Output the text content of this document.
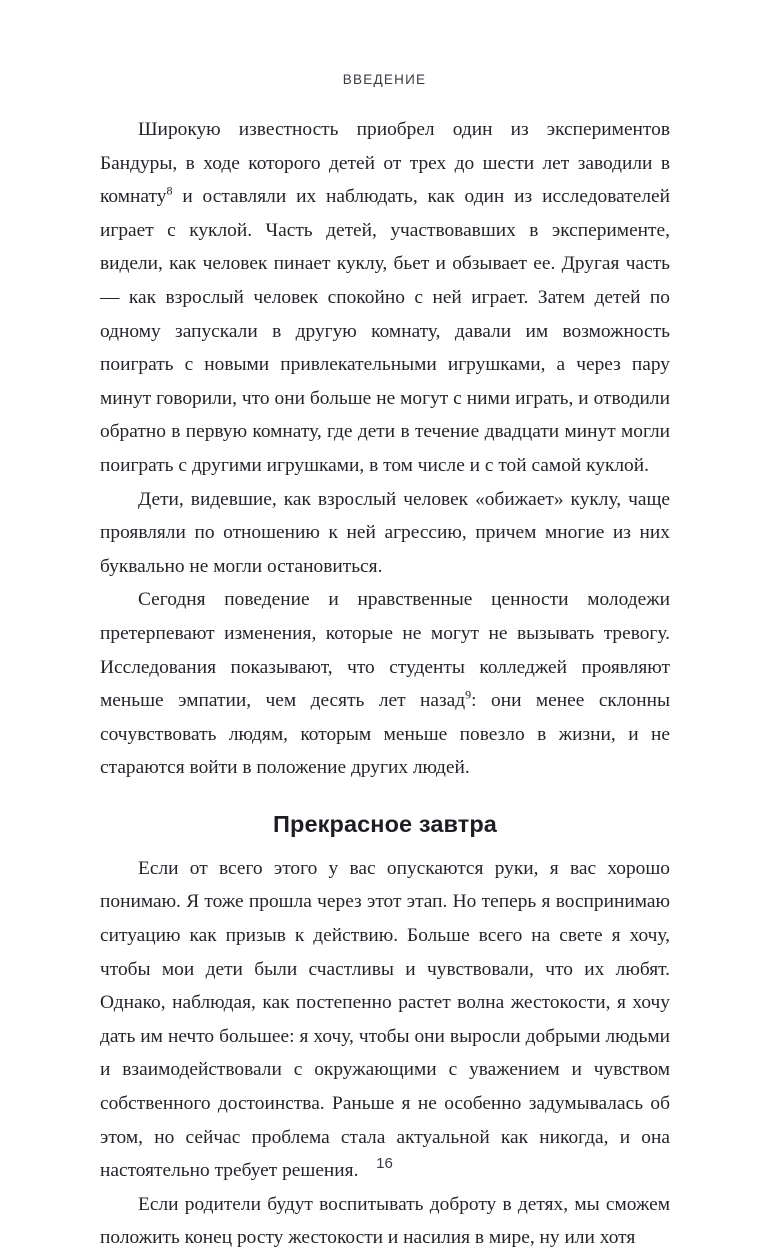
ВВЕДЕНИЕ

Широкую известность приобрел один из экспериментов Бандуры, в ходе которого детей от трех до шести лет заводили в комнату$^8$ и оставляли их наблюдать, как один из исследователей играет с куклой. Часть детей, участвовавших в эксперименте, видели, как человек пинает куклу, бьет и обзывает ее. Другая часть — как взрослый человек спокойно с ней играет. Затем детей по одному запускали в другую комнату, давали им возможность поиграть с новыми привлекательными игрушками, а через пару минут говорили, что они больше не могут с ними играть, и отводили обратно в первую комнату, где дети в течение двадцати минут могли поиграть с другими игрушками, в том числе и с той самой куклой.

Дети, видевшие, как взрослый человек «обижает» куклу, чаще проявляли по отношению к ней агрессию, причем многие из них буквально не могли остановиться.

Сегодня поведение и нравственные ценности молодежи претерпевают изменения, которые не могут не вызывать тревогу. Исследования показывают, что студенты колледжей проявляют меньше эмпатии, чем десять лет назад$^9$: они менее склонны сочувствовать людям, которым меньше повезло в жизни, и не стараются войти в положение других людей.

Прекрасное завтра

Если от всего этого у вас опускаются руки, я вас хорошо понимаю. Я тоже прошла через этот этап. Но теперь я воспринимаю ситуацию как призыв к действию. Больше всего на свете я хочу, чтобы мои дети были счастливы и чувствовали, что их любят. Однако, наблюдая, как постепенно растет волна жестокости, я хочу дать им нечто большее: я хочу, чтобы они выросли добрыми людьми и взаимодействовали с окружающими с уважением и чувством собственного достоинства. Раньше я не особенно задумывалась об этом, но сейчас проблема стала актуальной как никогда, и она настоятельно требует решения.

Если родители будут воспитывать доброту в детях, мы сможем положить конец росту жестокости и насилия в мире, ну или хотя

16
